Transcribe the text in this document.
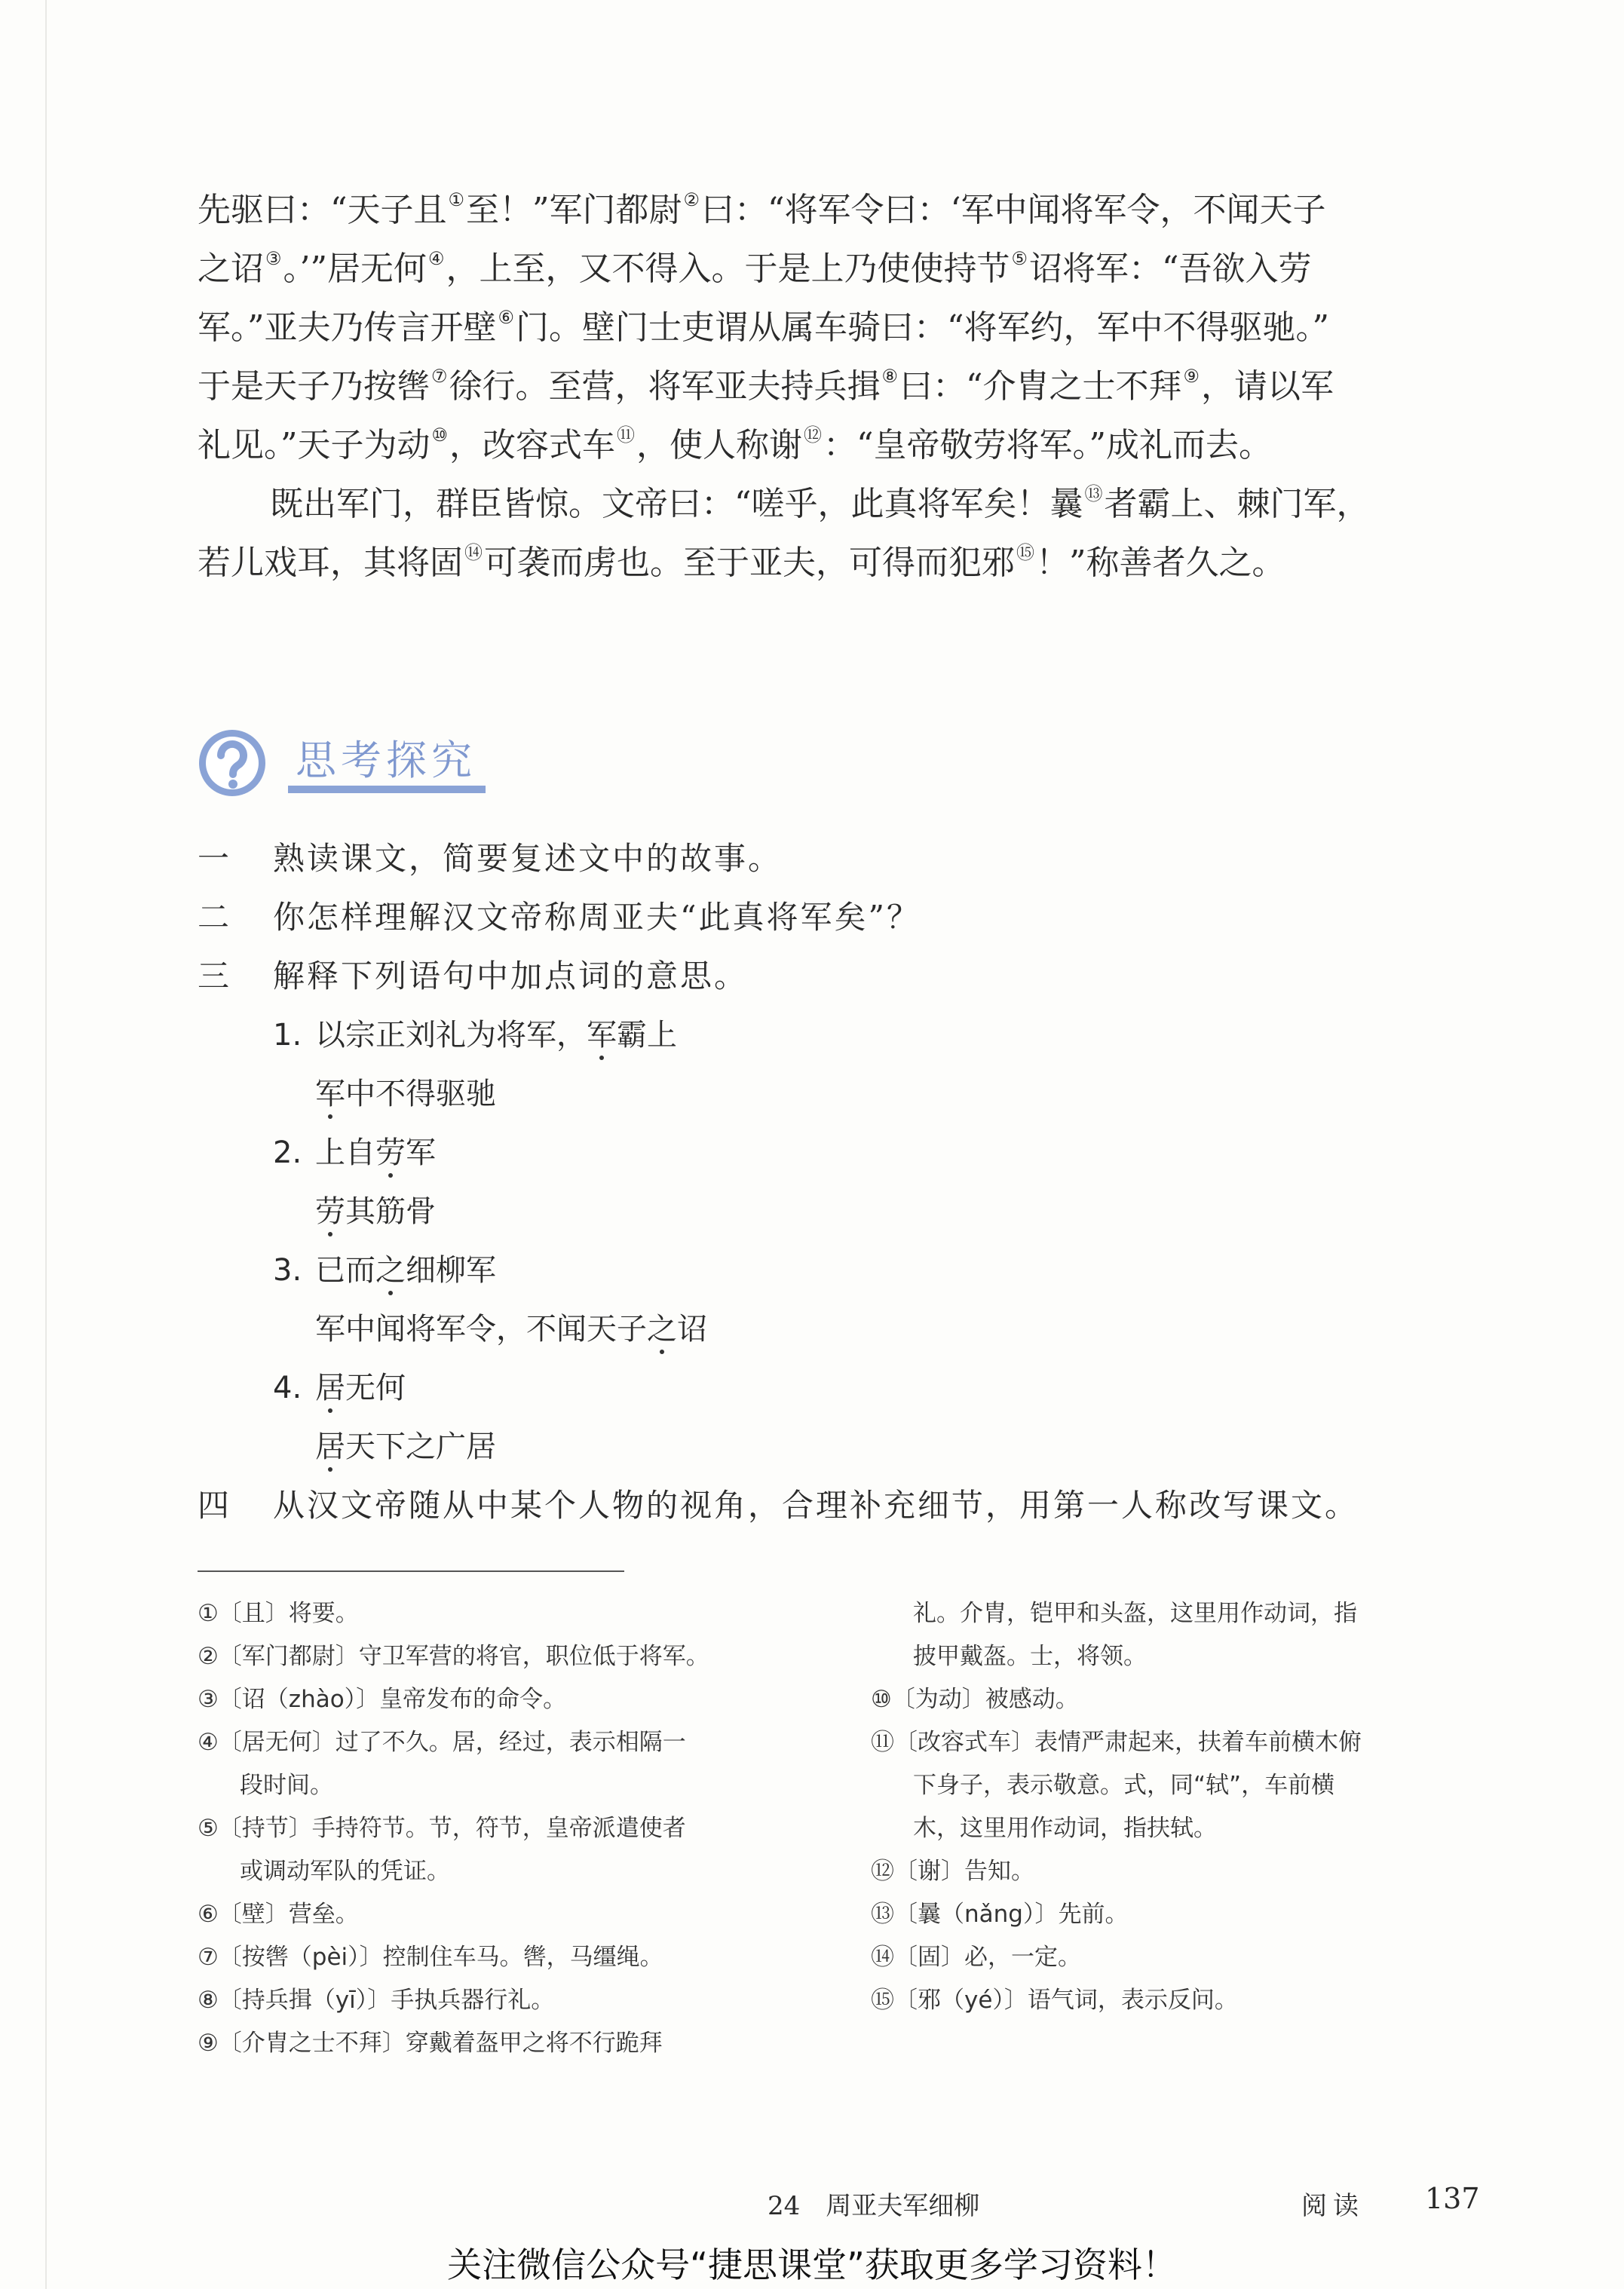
先驱曰：“天子且①至！”军门都尉②曰：“将军令曰：‘军中闻将军令，不闻天子
之诏③。’”居无何④，上至，又不得入。于是上乃使使持节⑤诏将军：“吾欲入劳
军。”亚夫乃传言开壁⑥门。壁门士吏谓从属车骑曰：“将军约，军中不得驱驰。”
于是天子乃按辔⑦徐行。至营，将军亚夫持兵揖⑧曰：“介胄之士不拜⑨，请以军
礼见。”天子为动⑩，改容式车⑪，使人称谢⑫：“皇帝敬劳将军。”成礼而去。
既出军门，群臣皆惊。文帝曰：“嗟乎，此真将军矣！曩⑬者霸上、棘门军，
若儿戏耳，其将固⑭可袭而虏也。至于亚夫，可得而犯邪⑮！”称善者久之。
思考探究
一 熟读课文，简要复述文中的故事。
二 你怎样理解汉文帝称周亚夫“此真将军矣”？
三 解释下列语句中加点词的意思。
1. 以宗正刘礼为将军，军霸上
军中不得驱驰
2. 上自劳军
劳其筋骨
3. 已而之细柳军
军中闻将军令，不闻天子之诏
4. 居无何
居天下之广居
四 从汉文帝随从中某个人物的视角，合理补充细节，用第一人称改写课文。
①〔且〕将要。
②〔军门都尉〕守卫军营的将官，职位低于将军。
③〔诏（zhào）〕皇帝发布的命令。
④〔居无何〕过了不久。居，经过，表示相隔一
段时间。
⑤〔持节〕手持符节。节，符节，皇帝派遣使者
或调动军队的凭证。
⑥〔壁〕营垒。
⑦〔按辔（pèi）〕控制住车马。辔，马缰绳。
⑧〔持兵揖（yī）〕手执兵器行礼。
⑨〔介胄之士不拜〕穿戴着盔甲之将不行跪拜
礼。介胄，铠甲和头盔，这里用作动词，指
披甲戴盔。士，将领。
⑩〔为动〕被感动。
⑪〔改容式车〕表情严肃起来，扶着车前横木俯
下身子，表示敬意。式，同“轼”，车前横
木，这里用作动词，指扶轼。
⑫〔谢〕告知。
⑬〔曩（nǎng）〕先前。
⑭〔固〕必，一定。
⑮〔邪（yé）〕语气词，表示反问。
24　周亚夫军细柳	阅读 137
关注微信公众号“捷思课堂”获取更多学习资料！
